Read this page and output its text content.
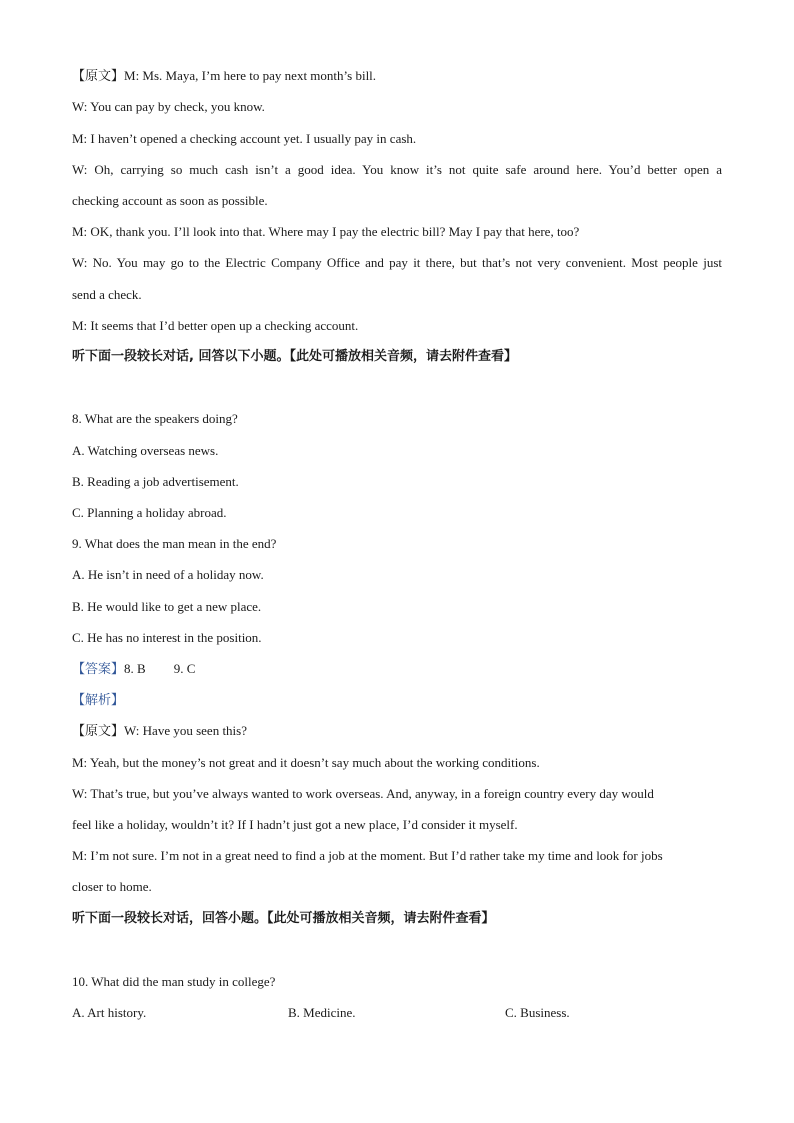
【原文】M: Ms. Maya, I’m here to pay next month’s bill.
W: You can pay by check, you know.
M: I haven’t opened a checking account yet. I usually pay in cash.
W: Oh, carrying so much cash isn’t a good idea. You know it’s not quite safe around here. You’d better open a
checking account as soon as possible.
M: OK, thank you. I’ll look into that. Where may I pay the electric bill? May I pay that here, too?
W: No. You may go to the Electric Company Office and pay it there, but that’s not very convenient. Most people just
send a check.
M: It seems that I’d better open up a checking account.
听下面一段较长对话, 回答以下小题。【此处可播放相关音频，请去附件查看】
8. What are the speakers doing?
A. Watching overseas news.
B. Reading a job advertisement.
C. Planning a holiday abroad.
9. What does the man mean in the end?
A. He isn’t in need of a holiday now.
B. He would like to get a new place.
C. He has no interest in the position.
【答案】8. B 9. C
【解析】
【原文】W: Have you seen this?
M: Yeah, but the money’s not great and it doesn’t say much about the working conditions.
W: That’s true, but you’ve always wanted to work overseas. And, anyway, in a foreign country every day would
feel like a holiday, wouldn’t it? If I hadn’t just got a new place, I’d consider it myself.
M: I’m not sure. I’m not in a great need to find a job at the moment. But I’d rather take my time and look for jobs
closer to home.
听下面一段较长对话，回答小题。【此处可播放相关音频，请去附件查看】
10. What did the man study in college?
A. Art history.	B. Medicine.	C. Business.
